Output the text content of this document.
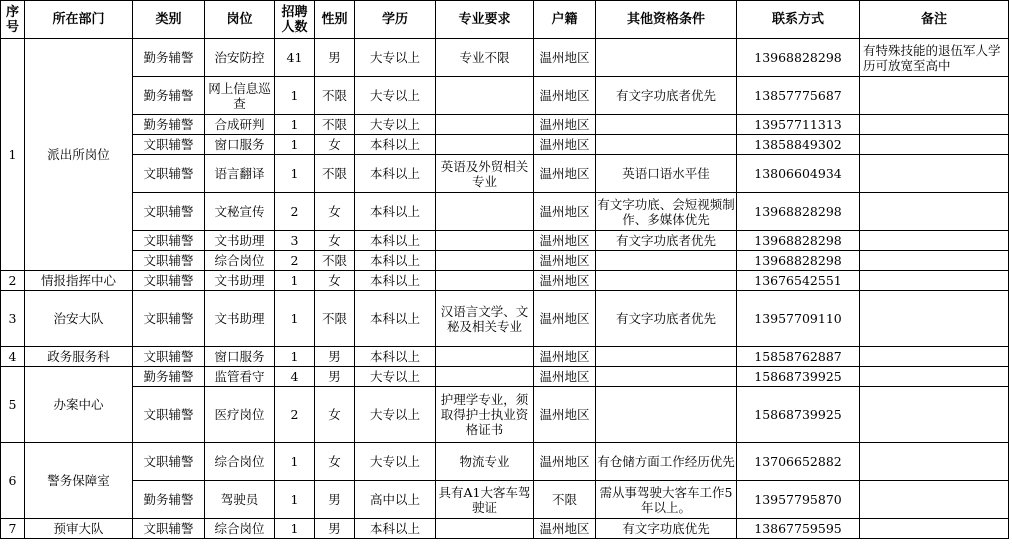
序号	所在部门	类别	岗位	招聘人数	性别	学历	专业要求	户籍	其他资格条件	联系方式	备注
1	派出所岗位	勤务辅警	治安防控	41	男	大专以上	专业不限	温州地区		13968828298	有特殊技能的退伍军人学历可放宽至高中
		勤务辅警	网上信息巡查	1	不限	大专以上		温州地区	有文字功底者优先	13857775687	
		勤务辅警	合成研判	1	不限	大专以上		温州地区		13957711313	
		文职辅警	窗口服务	1	女	本科以上		温州地区		13858849302	
		文职辅警	语言翻译	1	不限	本科以上	英语及外贸相关专业	温州地区	英语口语水平佳	13806604934	
		文职辅警	文秘宣传	2	女	本科以上		温州地区	有文字功底、会短视频制作、多媒体优先	13968828298	
		文职辅警	文书助理	3	女	本科以上		温州地区	有文字功底者优先	13968828298	
		文职辅警	综合岗位	2	不限	本科以上		温州地区		13968828298	
2	情报指挥中心	文职辅警	文书助理	1	女	本科以上		温州地区		13676542551	
3	治安大队	文职辅警	文书助理	1	不限	本科以上	汉语言文学、文秘及相关专业	温州地区	有文字功底者优先	13957709110	
4	政务服务科	文职辅警	窗口服务	1	男	本科以上		温州地区		15858762887	
5	办案中心	勤务辅警	监管看守	4	男	大专以上		温州地区		15868739925	
		文职辅警	医疗岗位	2	女	大专以上	护理学专业，须取得护士执业资格证书	温州地区		15868739925	
6	警务保障室	文职辅警	综合岗位	1	女	大专以上	物流专业	温州地区	有仓储方面工作经历优先	13706652882	
		勤务辅警	驾驶员	1	男	高中以上	具有A1大客车驾驶证	不限	需从事驾驶大客车工作5年以上。	13957795870	
7	预审大队	文职辅警	综合岗位	1	男	本科以上		温州地区	有文字功底优先	13867759595	
